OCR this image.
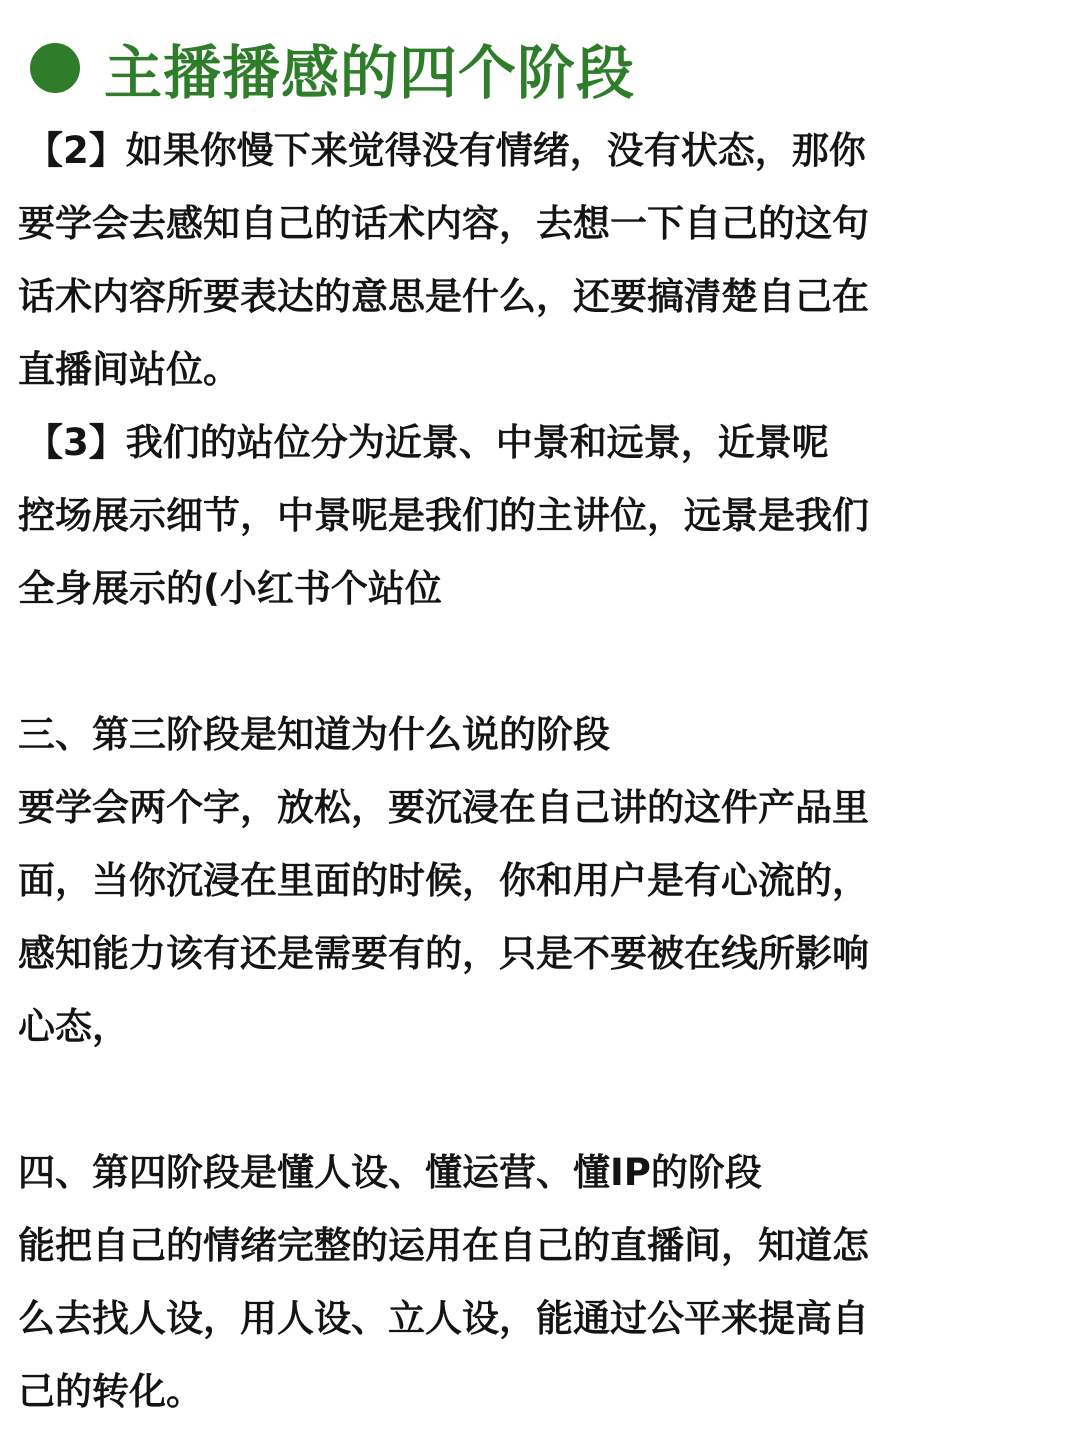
主播播感的四个阶段
【2】如果你慢下来觉得没有情绪，没有状态，那你
要学会去感知自己的话术内容，去想一下自己的这句
话术内容所要表达的意思是什么，还要搞清楚自己在
直播间站位。
【3】我们的站位分为近景、中景和远景，近景呢
控场展示细节，中景呢是我们的主讲位，远景是我们
全身展示的(小红书个站位
三、第三阶段是知道为什么说的阶段
要学会两个字，放松，要沉浸在自己讲的这件产品里
面，当你沉浸在里面的时候，你和用户是有心流的，
感知能力该有还是需要有的，只是不要被在线所影响
心态，
四、第四阶段是懂人设、懂运营、懂IP的阶段
能把自己的情绪完整的运用在自己的直播间，知道怎
么去找人设，用人设、立人设，能通过公平来提高自
己的转化。
